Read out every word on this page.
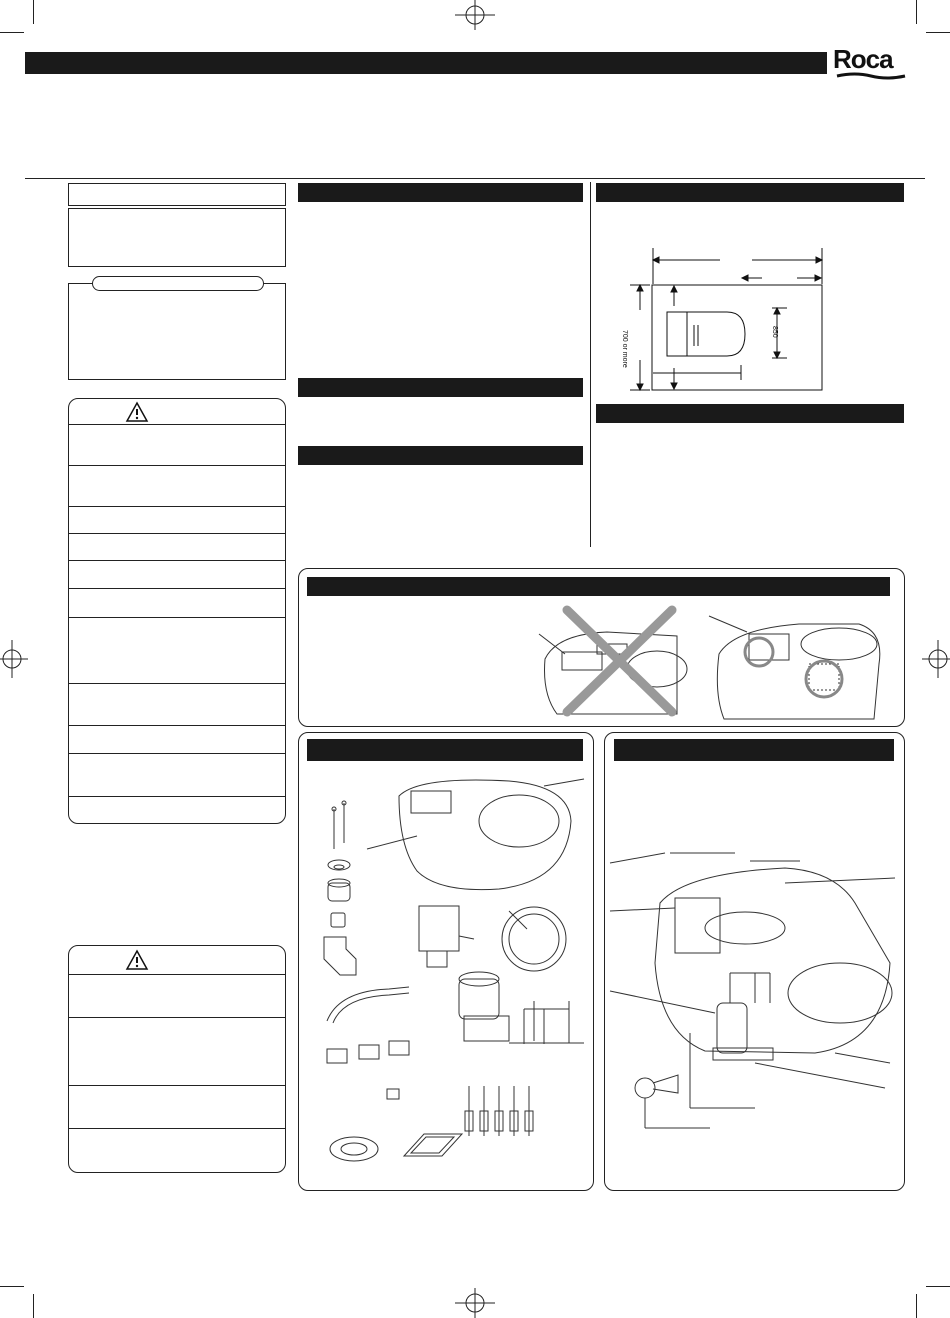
Roca
700 or more	850
